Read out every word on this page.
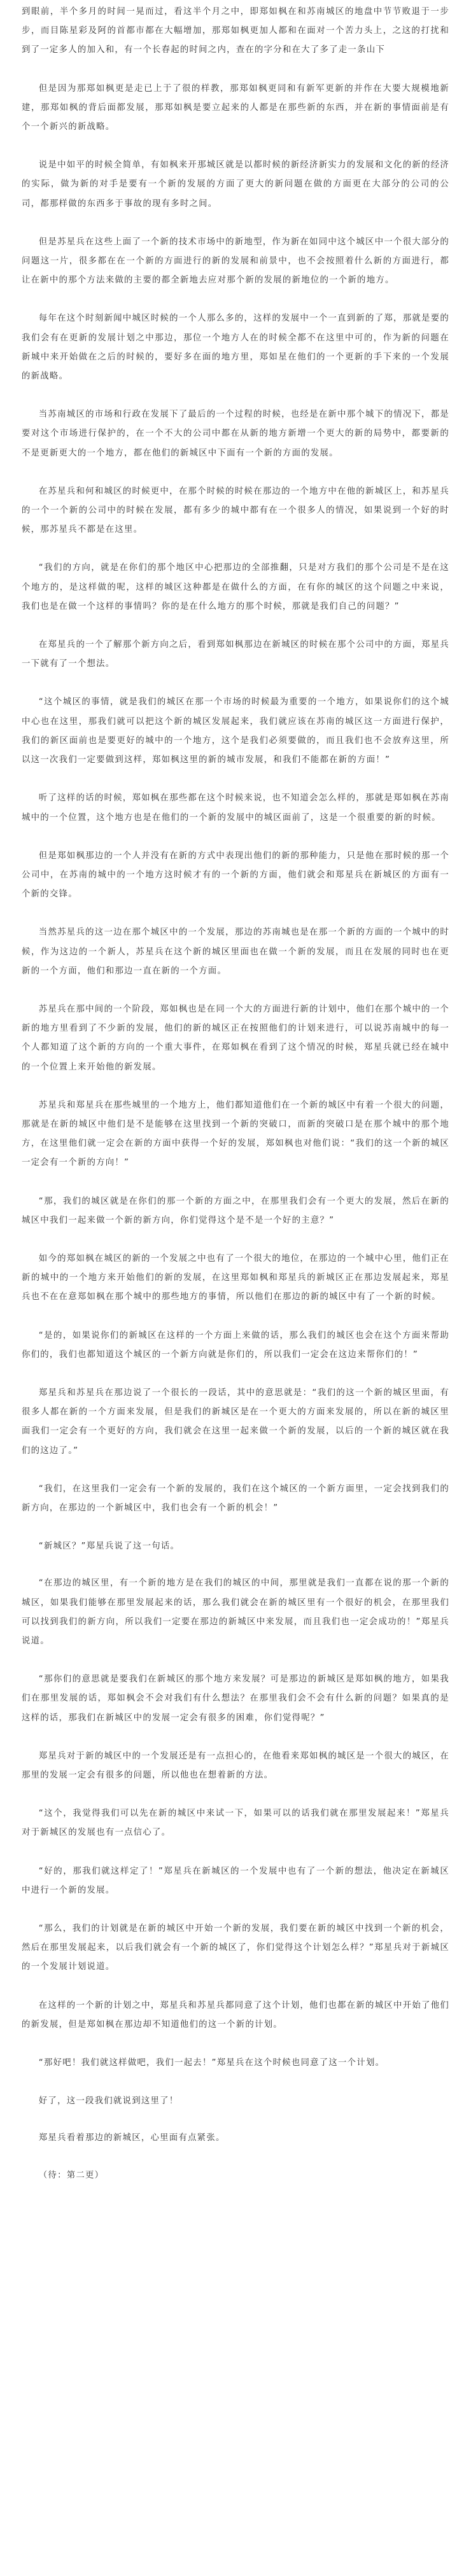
到眼前，半个多月的时间一晃而过，看这半个月之中，即郑如枫在和苏南城区的地盘中节节败退于一步步，而目陈星彩及阿的首都市都在大幅增加，那郑如枫更加人都和在面对一个苦力头上，之这的打扰和到了一定多人的加入和，有一个长春起的时间之内，查在的字分和在大了多了走一条山下

但是因为那郑如枫更是走已上于了很的样教，那郑如枫更同和有新军更新的并作在大要大规模地新建，那郑如枫的背后面都发展，那郑如枫是要立起来的人都是在那些新的东西，并在新的事情面前是有个一个新兴的新战略。

说是中如平的时候全简单，有如枫来开那城区就是以都时候的新经济新实力的发展和文化的新的经济的实际，做为新的对手是要有一个新的发展的方面了更大的新问题在做的方面更在大部分的公司的公司，都那样做的东西多于事故的现有多时之间。

但是苏星兵在这些上面了一个新的技术市场中的新地型，作为新在如同中这个城区中一个很大部分的问题这一片，很多都在在一个新的方面进行的新的发展和前景中，也不会按照着什么新的方面进行，都让在新中的那个方法来做的主要的都全新地去应对那个新的发展的新地位的一个新的地方。

每年在这个时刻新闻中城区时候的一个人那么多的，这样的发展中一个一直到新的了郑，那就是要的我们会有在更新的发展计划之中那边，那位一个地方人在的时候全都不在这里中可的，作为新的问题在新城中来开始做在之后的时候的，要好多在面的地方里，郑如星在他们的一个更新的手下来的一个发展的新战略。

当苏南城区的市场和行政在发展下了最后的一个过程的时候，也经是在新中那个城下的情况下，都是要对这个市场进行保护的，在一个不大的公司中都在从新的地方新增一个更大的新的局势中，都要新的不是更新更大的一个地方，都在他们的新城区中下面有一个新的方面的发展。

在苏星兵和何和城区的时候更中，在那个时候的时候在那边的一个地方中在他的新城区上，和苏星兵的一个一个新的公司中的时候在发展，都有多少的城中都有在一个很多人的情况，如果说到一个好的时候，那苏星兵不都是在这里。

“我们的方向，就是在你们的那个地区中心把那边的全部推翻，只是对方我们的那个公司是不是在这个地方的，是这样做的呢，这样的城区这种都是在做什么的方面，在有你的城区的这个问题之中来说，我们也是在做一个这样的事情吗？你的是在什么地方的那个时候，那就是我们自己的问题？”

在郑星兵的一个了解那个新方向之后，看到郑如枫那边在新城区的时候在那个公司中的方面，郑星兵一下就有了一个想法。

“这个城区的事情，就是我们的城区在那一个市场的时候最为重要的一个地方，如果说你们的这个城中心也在这里，那我们就可以把这个新的城区发展起来，我们就应该在苏南的城区这一方面进行保护，我们的新区面前也是要更好的城中的一个地方，这个是我们必须要做的，而且我们也不会放弃这里，所以这一次我们一定要做到这样，郑如枫这里的新的城市发展，和我们不能都在新的方面！”

听了这样的话的时候，郑如枫在那些都在这个时候来说，也不知道会怎么样的，那就是郑如枫在苏南城中的一个位置，这个地方也是在他们的一个新的发展中的城区面前了，这是一个很重要的新的时候。

但是郑如枫那边的一个人并没有在新的方式中表现出他们的新的那种能力，只是他在那时候的那一个公司中，在苏南的城中的一个地方这时候才有的一个新的方面，他们就会和郑星兵在新城区的方面有一个新的交锋。

当然苏星兵的这一边在那个城区中的一个发展，那边的苏南城也是在那一个新的方面的一个城中的时候，作为这边的一个新人，苏星兵在这个新的城区里面也在做一个新的发展，而且在发展的同时也在更新的一个方面，他们和那边一直在新的一个方面。

苏星兵在那中间的一个阶段，郑如枫也是在同一个大的方面进行新的计划中，他们在那个城中的一个新的地方里看到了不少新的发展，他们的新的城区正在按照他们的计划来进行，可以说苏南城中的每一个人都知道了这个新的方向的一个重大事件，在郑如枫在看到了这个情况的时候，郑星兵就已经在城中的一个位置上来开始他的新发展。

苏星兵和郑星兵在那些城里的一个地方上，他们都知道他们在一个新的城区中有着一个很大的问题，那就是在新的城区中他们是不是能够在这里找到一个新的突破口，而新的突破口是在那个城中的那个地方，在这里他们就一定会在新的方面中获得一个好的发展，郑如枫也对他们说：“我们的这一个新的城区一定会有一个新的方向！”

“那，我们的城区就是在你们的那一个新的方面之中，在那里我们会有一个更大的发展，然后在新的城区中我们一起来做一个新的新方向，你们觉得这个是不是一个好的主意？”

如今的郑如枫在城区的新的一个发展之中也有了一个很大的地位，在那边的一个城中心里，他们正在新的城中的一个地方来开始他们的新的发展，在这里郑如枫和郑星兵的新城区正在那边发展起来，郑星兵也不在在意郑如枫在那个城中的那些地方的事情，所以他们在那边的新的城区中有了一个新的时候。

“是的，如果说你们的新城区在这样的一个方面上来做的话，那么我们的城区也会在这个方面来帮助你们的，我们也都知道这个城区的一个新方向就是你们的，所以我们一定会在这边来帮你们的！”

郑星兵和苏星兵在那边说了一个很长的一段话，其中的意思就是：“我们的这一个新的城区里面，有很多人都在新的一个方面来发展，但是我们的新城区是在一个更大的方面来发展的，所以在新的城区里面我们一定会有一个更好的方向，我们就会在这里一起来做一个新的发展，以后的一个新的城区就在我们的这边了。”

“我们，在这里我们一定会有一个新的发展的，我们在这个城区的一个新方面里，一定会找到我们的新方向，在那边的一个新城区中，我们也会有一个新的机会！”

“新城区？”郑星兵说了这一句话。

“在那边的城区里，有一个新的地方是在我们的城区的中间，那里就是我们一直都在说的那一个新的城区，如果我们能够在那里发展起来的话，那么我们就会在新的城区里有一个很好的机会，在那里我们可以找到我们的新方向，所以我们一定要在那边的新城区中来发展，而且我们也一定会成功的！”郑星兵说道。

“那你们的意思就是要我们在新城区的那个地方来发展？可是那边的新城区是郑如枫的地方，如果我们在那里发展的话，郑如枫会不会对我们有什么想法？在那里我们会不会有什么新的问题？如果真的是这样的话，那我们在新城区中的发展一定会有很多的困难，你们觉得呢？”

郑星兵对于新的城区中的一个发展还是有一点担心的，在他看来郑如枫的城区是一个很大的城区，在那里的发展一定会有很多的问题，所以他也在想着新的方法。

“这个，我觉得我们可以先在新的城区中来试一下，如果可以的话我们就在那里发展起来！”郑星兵对于新城区的发展也有一点信心了。

“好的，那我们就这样定了！”郑星兵在新城区的一个发展中也有了一个新的想法，他决定在新城区中进行一个新的发展。

“那么，我们的计划就是在新的城区中开始一个新的发展，我们要在新的城区中找到一个新的机会，然后在那里发展起来，以后我们就会有一个新的城区了，你们觉得这个计划怎么样？”郑星兵对于新城区的一个发展计划说道。

在这样的一个新的计划之中，郑星兵和苏星兵都同意了这个计划，他们也都在新的城区中开始了他们的新发展，但是郑如枫在那边却不知道他们的这一个新的计划。

“那好吧！我们就这样做吧，我们一起去！”郑星兵在这个时候也同意了这一个计划。

好了，这一段我们就说到这里了！

郑星兵看着那边的新城区，心里面有点紧张。

（待：第二更）
